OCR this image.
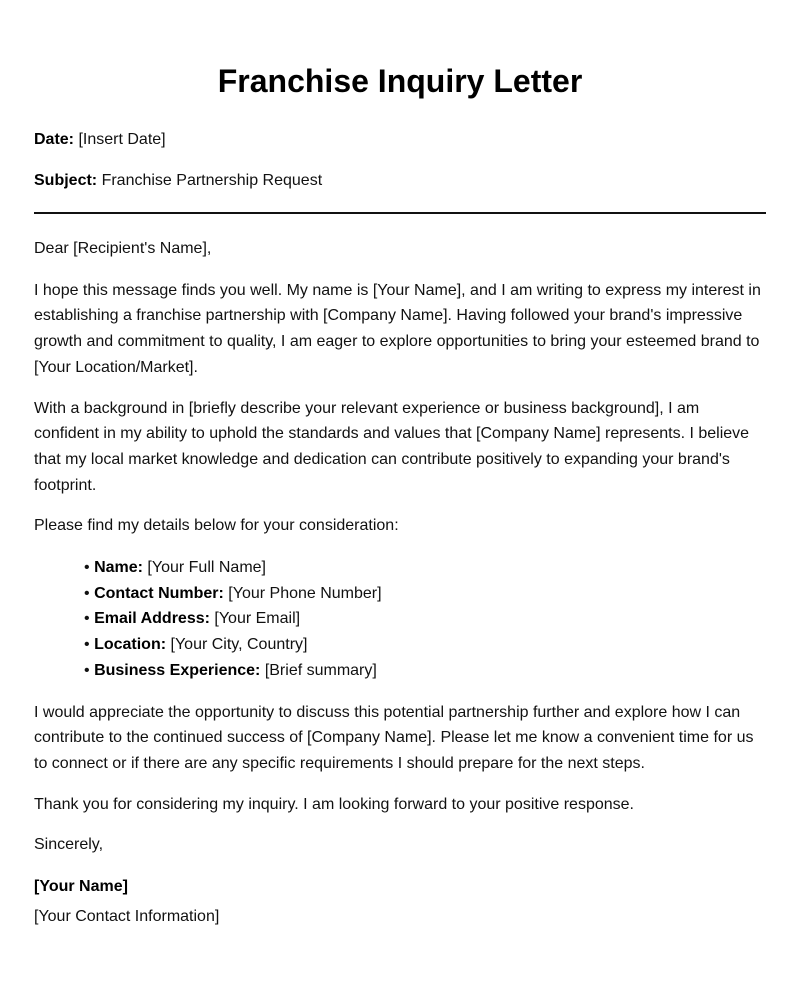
Franchise Inquiry Letter

Date: [Insert Date]

Subject: Franchise Partnership Request

Dear [Recipient's Name],

I hope this message finds you well. My name is [Your Name], and I am writing to express my interest in establishing a franchise partnership with [Company Name]. Having followed your brand's impressive growth and commitment to quality, I am eager to explore opportunities to bring your esteemed brand to [Your Location/Market].

With a background in [briefly describe your relevant experience or business background], I am confident in my ability to uphold the standards and values that [Company Name] represents. I believe that my local market knowledge and dedication can contribute positively to expanding your brand's footprint.

Please find my details below for your consideration:

• Name: [Your Full Name]
• Contact Number: [Your Phone Number]
• Email Address: [Your Email]
• Location: [Your City, Country]
• Business Experience: [Brief summary]

I would appreciate the opportunity to discuss this potential partnership further and explore how I can contribute to the continued success of [Company Name]. Please let me know a convenient time for us to connect or if there are any specific requirements I should prepare for the next steps.

Thank you for considering my inquiry. I am looking forward to your positive response.

Sincerely,

[Your Name]

[Your Contact Information]
